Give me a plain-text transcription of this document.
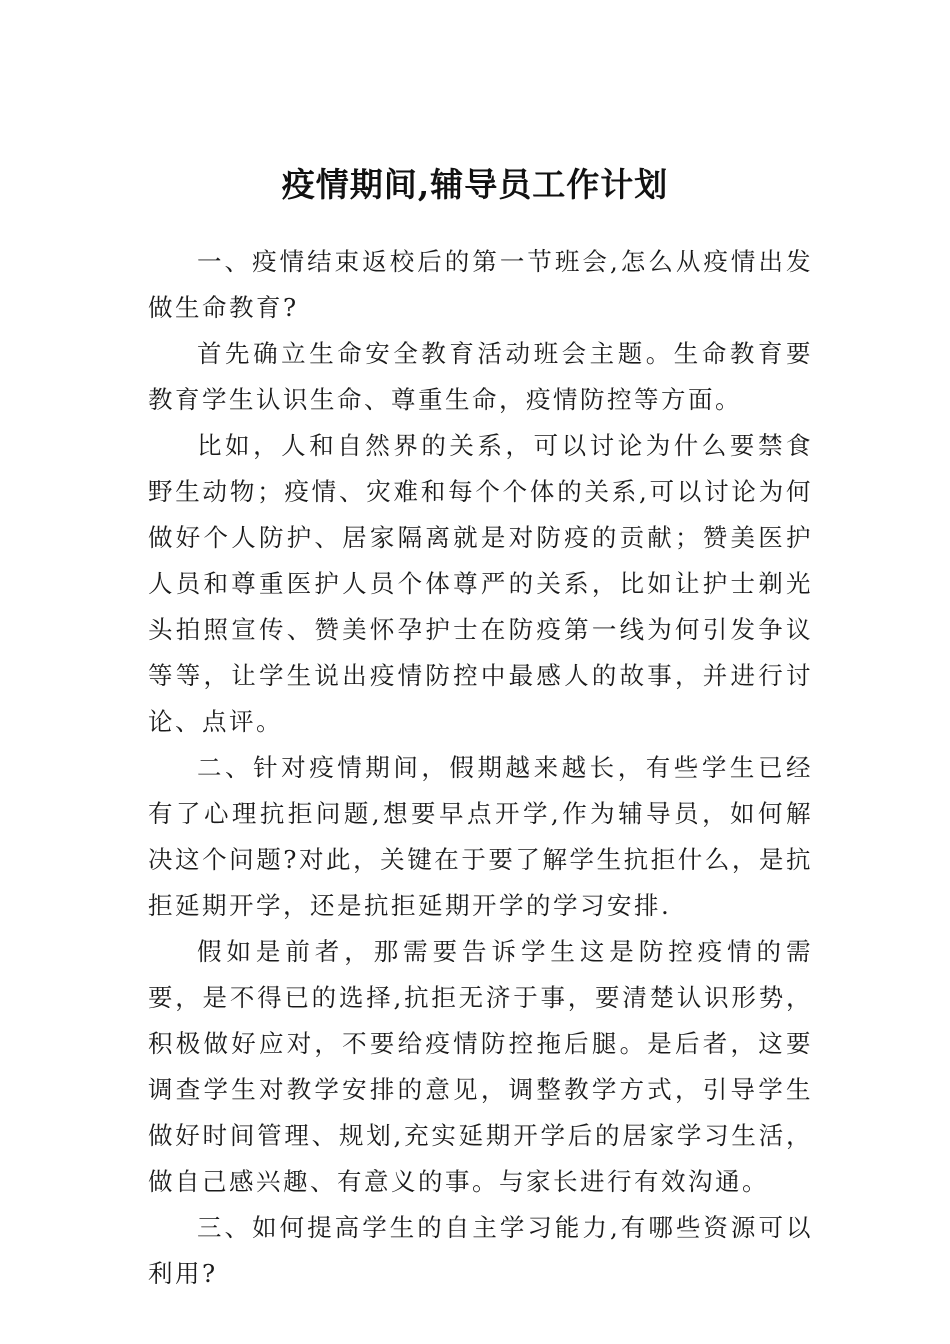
疫情期间,辅导员工作计划

一、疫情结束返校后的第一节班会,怎么从疫情出发做生命教育?

首先确立生命安全教育活动班会主题。生命教育要教育学生认识生命、尊重生命，疫情防控等方面。

比如，人和自然界的关系，可以讨论为什么要禁食野生动物；疫情、灾难和每个个体的关系,可以讨论为何做好个人防护、居家隔离就是对防疫的贡献；赞美医护人员和尊重医护人员个体尊严的关系，比如让护士剃光头拍照宣传、赞美怀孕护士在防疫第一线为何引发争议等等，让学生说出疫情防控中最感人的故事，并进行讨论、点评。

二、针对疫情期间，假期越来越长，有些学生已经有了心理抗拒问题,想要早点开学,作为辅导员，如何解决这个问题?对此，关键在于要了解学生抗拒什么，是抗拒延期开学，还是抗拒延期开学的学习安排.

假如是前者，那需要告诉学生这是防控疫情的需要，是不得已的选择,抗拒无济于事，要清楚认识形势，积极做好应对，不要给疫情防控拖后腿。是后者，这要调查学生对教学安排的意见，调整教学方式，引导学生做好时间管理、规划,充实延期开学后的居家学习生活，做自己感兴趣、有意义的事。与家长进行有效沟通。

三、如何提高学生的自主学习能力,有哪些资源可以利用?
